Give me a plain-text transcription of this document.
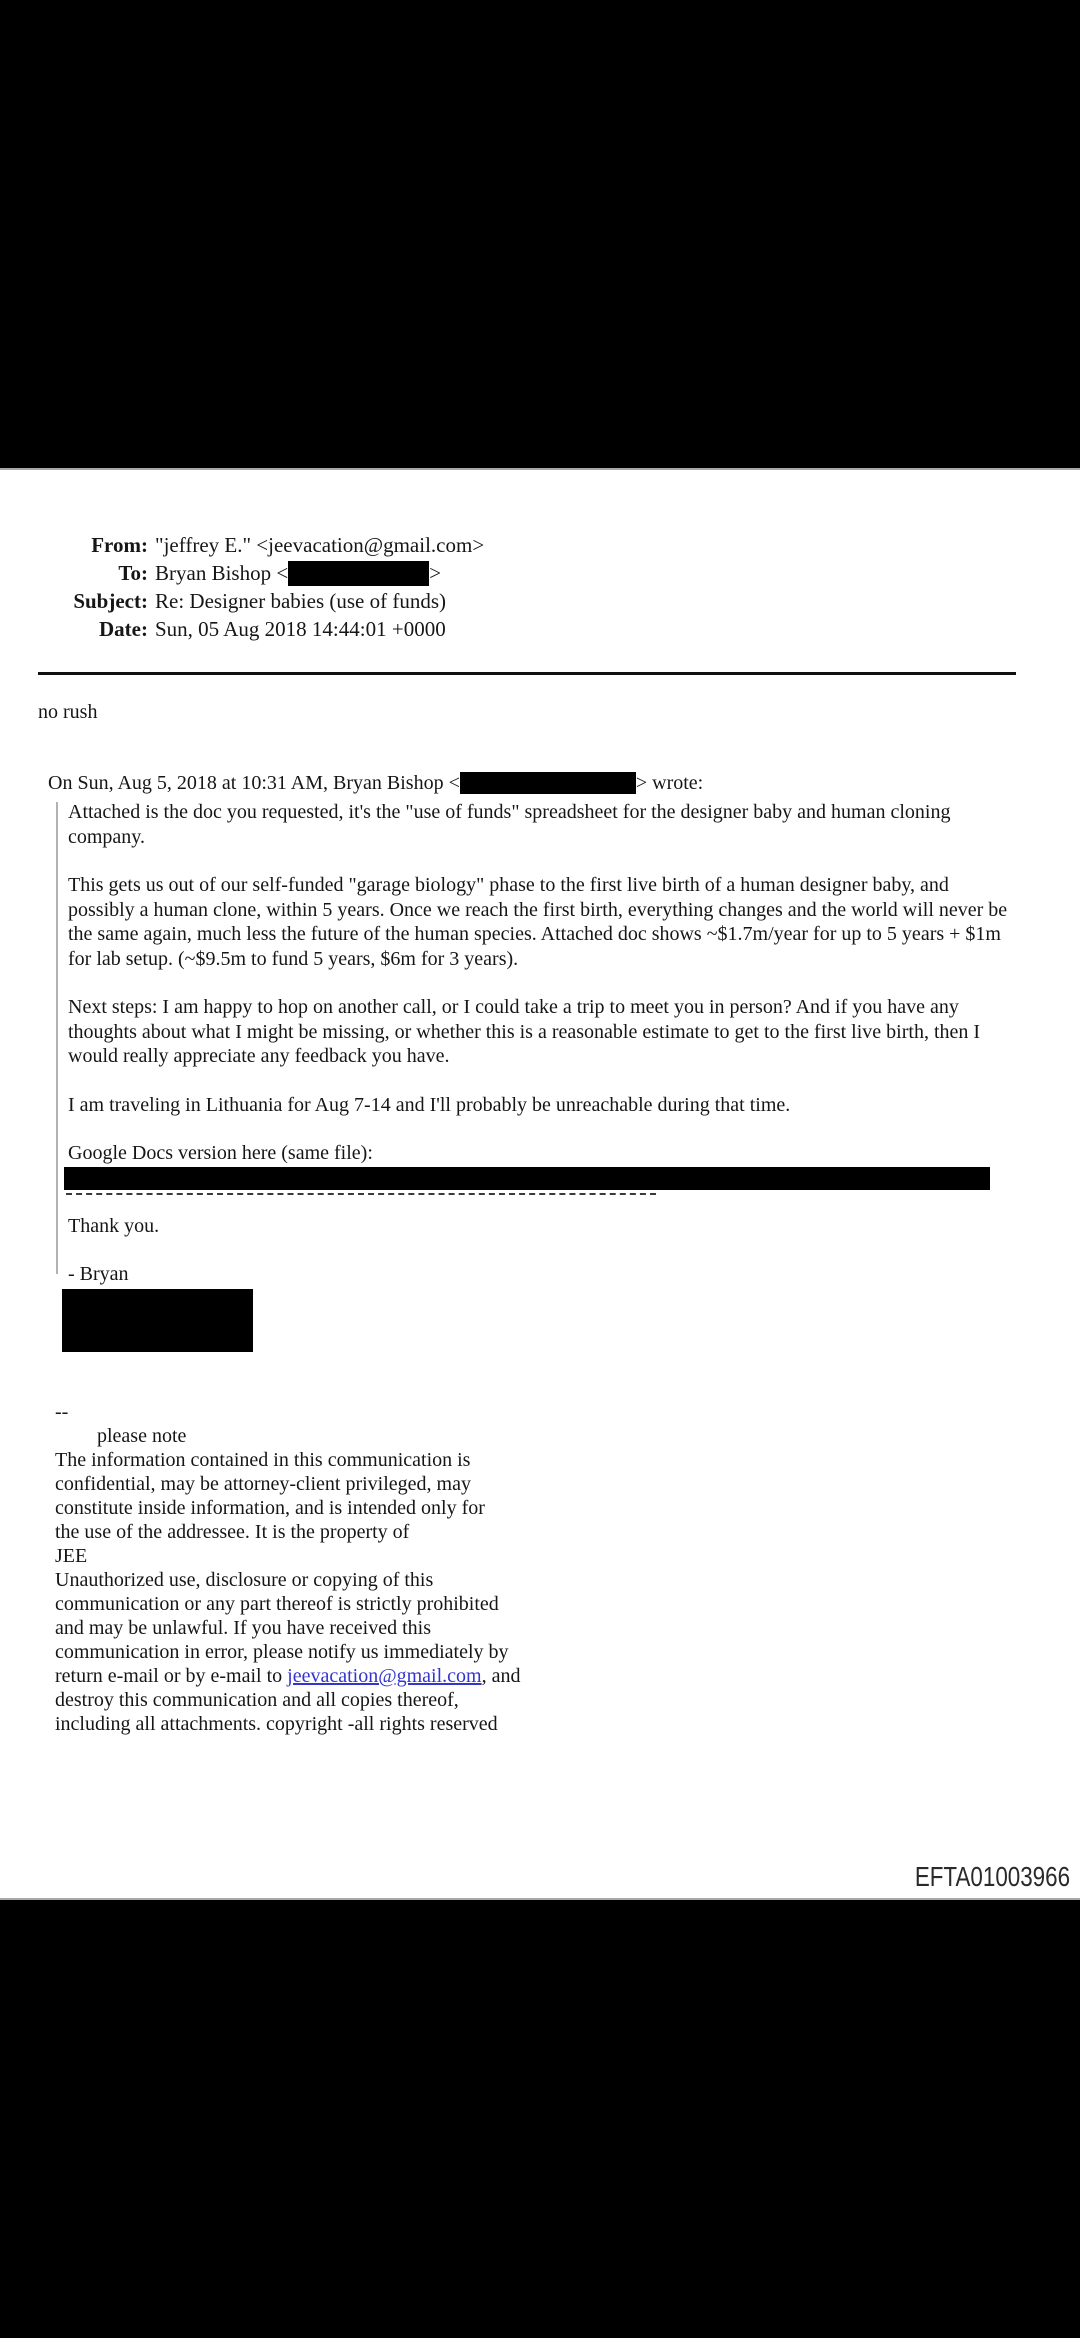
From: "jeffrey E." <jeevacation@gmail.com>
To: Bryan Bishop <	>
Subject: Re: Designer babies (use of funds)
Date: Sun, 05 Aug 2018 14:44:01 +0000
no rush
On Sun, Aug 5, 2018 at 10:31 AM, Bryan Bishop <	> wrote:

Attached is the doc you requested, it's the "use of funds" spreadsheet for the designer baby and human cloning company.

This gets us out of our self-funded "garage biology" phase to the first live birth of a human designer baby, and possibly a human clone, within 5 years. Once we reach the first birth, everything changes and the world will never be the same again, much less the future of the human species. Attached doc shows ~$1.7m/year for up to 5 years + $1m for lab setup. (~$9.5m to fund 5 years, $6m for 3 years).

Next steps: I am happy to hop on another call, or I could take a trip to meet you in person? And if you have any thoughts about what I might be missing, or whether this is a reasonable estimate to get to the first live birth, then I would really appreciate any feedback you have.

I am traveling in Lithuania for Aug 7-14 and I'll probably be unreachable during that time.

Google Docs version here (same file):

Thank you.

- Bryan

--
please note
The information contained in this communication is
confidential, may be attorney-client privileged, may
constitute inside information, and is intended only for
the use of the addressee. It is the property of
JEE
Unauthorized use, disclosure or copying of this
communication or any part thereof is strictly prohibited
and may be unlawful. If you have received this
communication in error, please notify us immediately by
return e-mail or by e-mail to jeevacation@gmail.com, and
destroy this communication and all copies thereof,
including all attachments. copyright -all rights reserved
EFTA01003966
